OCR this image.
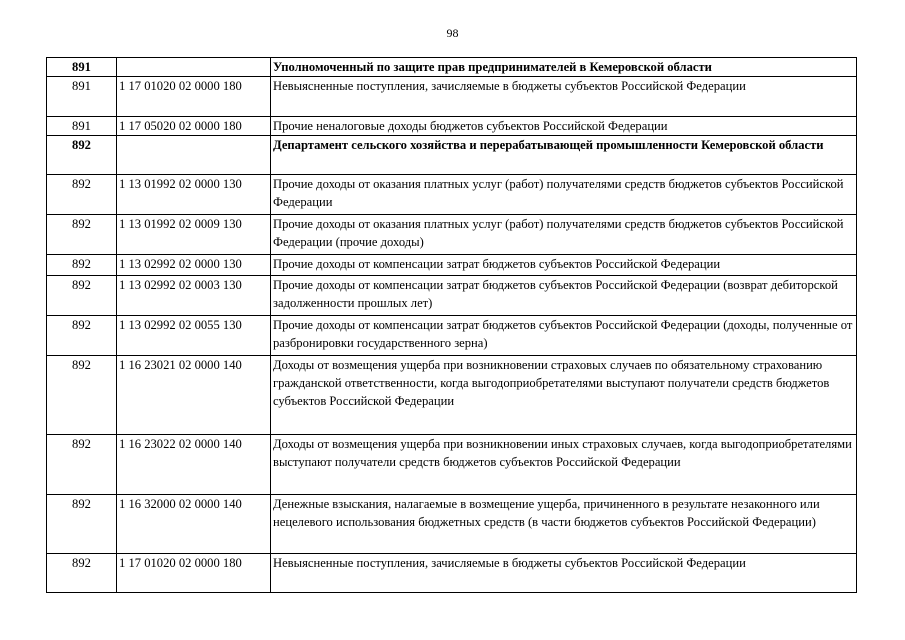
98
891		Уполномоченный по защите прав предпринимателей в Кемеровской области
891	1 17 01020 02 0000 180	Невыясненные поступления, зачисляемые в бюджеты субъектов Российской Федерации
891	1 17 05020 02 0000 180	Прочие неналоговые доходы бюджетов субъектов Российской Федерации
892		Департамент сельского хозяйства и перерабатывающей промышленности Кемеровской области
892	1 13 01992 02 0000 130	Прочие доходы от оказания платных услуг (работ) получателями средств бюджетов субъектов Российской Федерации
892	1 13 01992 02 0009 130	Прочие доходы от оказания платных услуг (работ) получателями средств бюджетов субъектов Российской Федерации (прочие доходы)
892	1 13 02992 02 0000 130	Прочие доходы от компенсации затрат бюджетов субъектов Российской Федерации
892	1 13 02992 02 0003 130	Прочие доходы от компенсации затрат бюджетов субъектов Российской Федерации (возврат дебиторской задолженности прошлых лет)
892	1 13 02992 02 0055 130	Прочие доходы от компенсации затрат бюджетов субъектов Российской Федерации (доходы, полученные от разбронировки государственного зерна)
892	1 16 23021 02 0000 140	Доходы от возмещения ущерба при возникновении страховых случаев по обязательному страхованию гражданской ответственности, когда выгодоприобретателями выступают получатели средств бюджетов субъектов Российской Федерации
892	1 16 23022 02 0000 140	Доходы от возмещения ущерба при возникновении иных страховых случаев, когда выгодоприобретателями выступают получатели средств бюджетов субъектов Российской Федерации
892	1 16 32000 02 0000 140	Денежные взыскания, налагаемые в возмещение ущерба, причиненного в результате незаконного или нецелевого использования бюджетных средств (в части бюджетов субъектов Российской Федерации)
892	1 17 01020 02 0000 180	Невыясненные поступления, зачисляемые в бюджеты субъектов Российской Федерации
